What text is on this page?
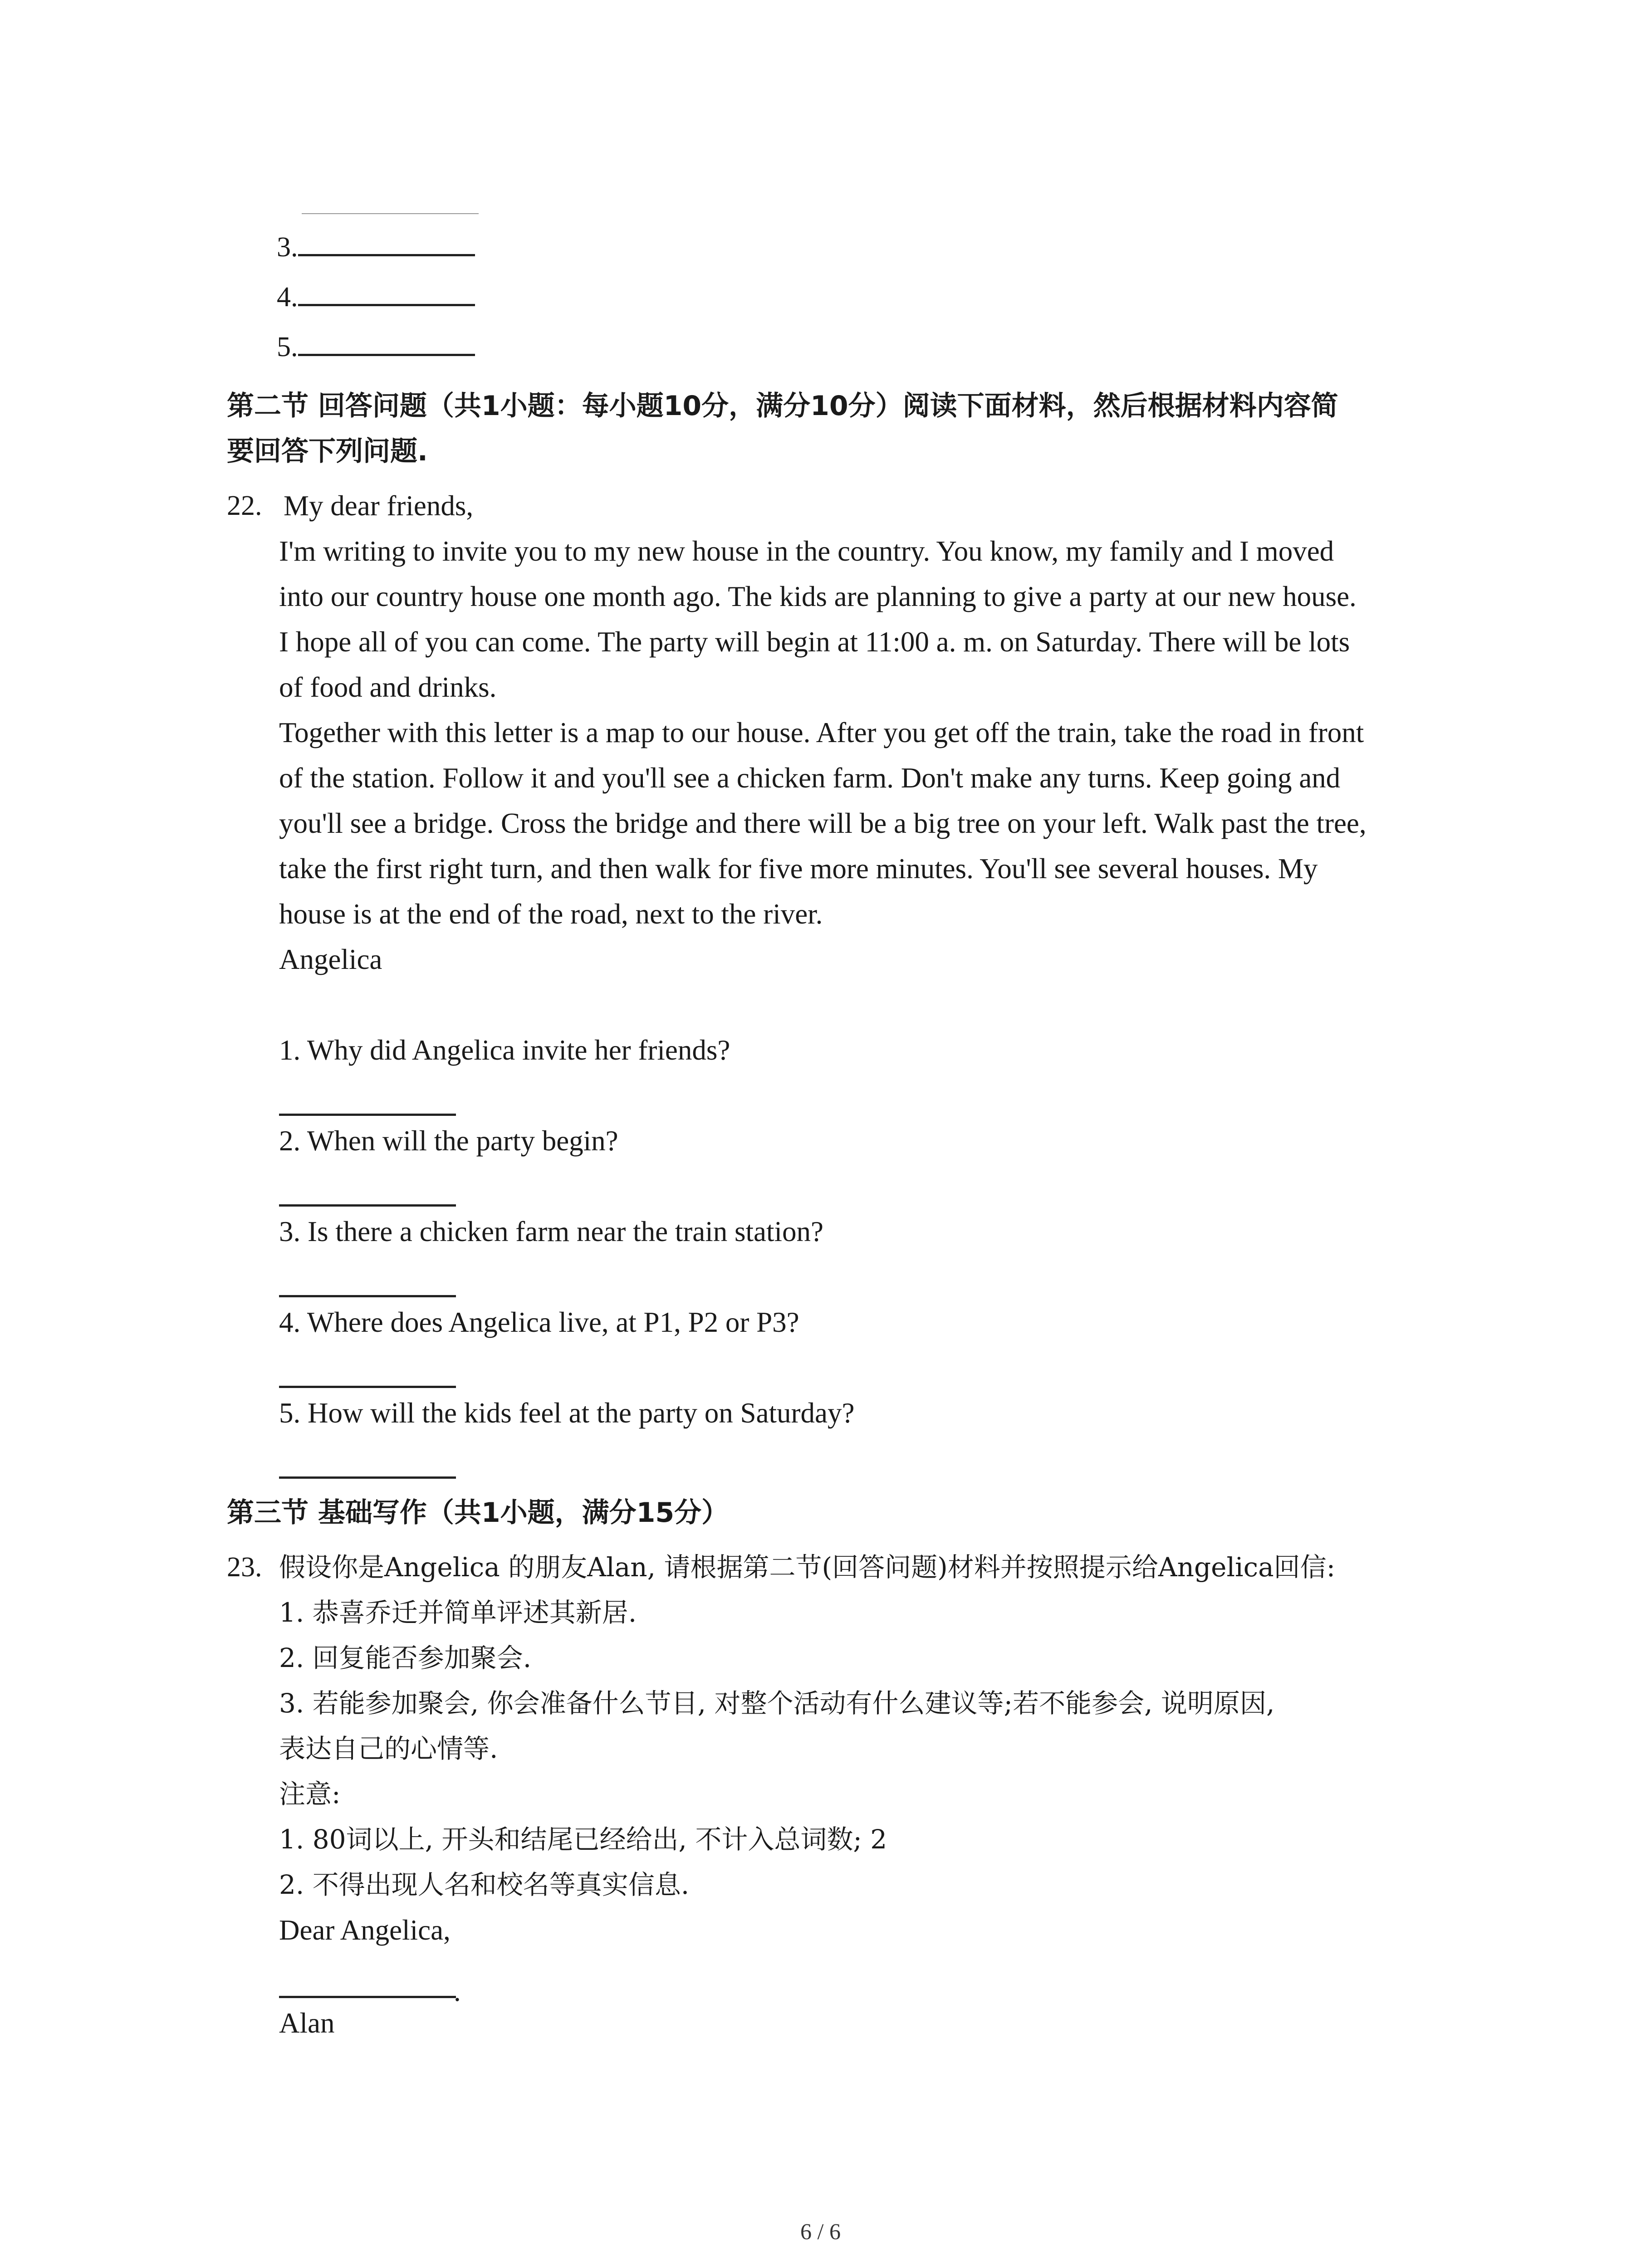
3.
4.
5.
第二节 回答问题（共1小题：每小题10分，满分10分）阅读下面材料，然后根据材料内容简
要回答下列问题.
22. My dear friends,
I'm writing to invite you to my new house in the country. You know, my family and I moved
into our country house one month ago. The kids are planning to give a party at our new house.
I hope all of you can come. The party will begin at 11:00 a. m. on Saturday. There will be lots
of food and drinks.
Together with this letter is a map to our house. After you get off the train, take the road in front
of the station. Follow it and you'll see a chicken farm. Don't make any turns. Keep going and
you'll see a bridge. Cross the bridge and there will be a big tree on your left. Walk past the tree,
take the first right turn, and then walk for five more minutes. You'll see several houses. My
house is at the end of the road, next to the river.
Angelica
1. Why did Angelica invite her friends?
2. When will the party begin?
3. Is there a chicken farm near the train station?
4. Where does Angelica live, at P1, P2 or P3?
5. How will the kids feel at the party on Saturday?
第三节 基础写作（共1小题，满分15分）
23. 假设你是Angelica 的朋友Alan, 请根据第二节(回答问题)材料并按照提示给Angelica回信:
1. 恭喜乔迁并简单评述其新居.
2. 回复能否参加聚会.
3. 若能参加聚会, 你会准备什么节目, 对整个活动有什么建议等;若不能参会, 说明原因,
表达自己的心情等.
注意:
1. 80词以上, 开头和结尾已经给出, 不计入总词数; 2
2. 不得出现人名和校名等真实信息.
Dear Angelica,
.
Alan
6 / 6
